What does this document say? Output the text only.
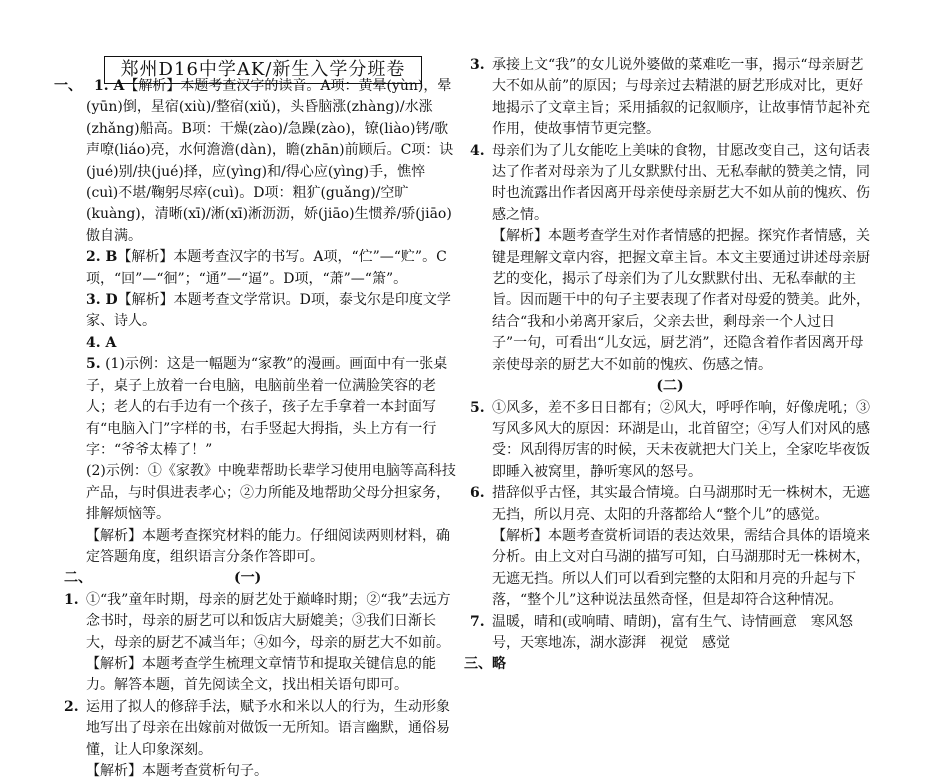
郑州D16中学AK/新生入学分班卷
一、 1. A【解析】本题考查汉字的读音。A项：黄晕(yùn)，晕(yūn)倒，星宿(xiù)/整宿(xiǔ)，头昏脑涨(zhàng)/水涨(zhǎng)船高。B项：干燥(zào)/急躁(zào)，镣(liào)铐/歌声嘹(liáo)亮，水何澹澹(dàn)，瞻(zhān)前顾后。C项：诀(jué)别/抉(jué)择，应(yìng)和/得心应(yìng)手，憔悴(cuì)不堪/鞠躬尽瘁(cuì)。D项：粗犷(guǎng)/空旷(kuàng)，清晰(xī)/淅(xī)淅沥沥，娇(jiāo)生惯养/骄(jiāo)傲自满。
2. B【解析】本题考查汉字的书写。A项，“伫”—“贮”。C项，“回”—“徊”；“通”—“逼”。D项，“萧”—“箫”。
3. D【解析】本题考查文学常识。D项，泰戈尔是印度文学家、诗人。
4. A
5. (1)示例：这是一幅题为“家教”的漫画。画面中有一张桌子，桌子上放着一台电脑，电脑前坐着一位满脸笑容的老人；老人的右手边有一个孩子，孩子左手拿着一本封面写有“电脑入门”字样的书，右手竖起大拇指，头上方有一行字：“爷爷太棒了！”
(2)示例：①《家教》中晚辈帮助长辈学习使用电脑等高科技产品，与时俱进表孝心；②力所能及地帮助父母分担家务，排解烦恼等。
【解析】本题考查探究材料的能力。仔细阅读两则材料，确定答题角度，组织语言分条作答即可。
二、	(一)
1. ①“我”童年时期，母亲的厨艺处于巅峰时期；②“我”去远方念书时，母亲的厨艺可以和饭店大厨媲美；③我们日渐长大，母亲的厨艺不减当年；④如今，母亲的厨艺大不如前。
【解析】本题考查学生梳理文章情节和提取关键信息的能力。解答本题，首先阅读全文，找出相关语句即可。
2. 运用了拟人的修辞手法，赋予水和米以人的行为，生动形象地写出了母亲在出嫁前对做饭一无所知。语言幽默，通俗易懂，让人印象深刻。
【解析】本题考查赏析句子。
3. 承接上文“我”的女儿说外婆做的菜难吃一事，揭示“母亲厨艺大不如从前”的原因；与母亲过去精湛的厨艺形成对比，更好地揭示了文章主旨；采用插叙的记叙顺序，让故事情节起补充作用，使故事情节更完整。
4. 母亲们为了儿女能吃上美味的食物，甘愿改变自己，这句话表达了作者对母亲为了儿女默默付出、无私奉献的赞美之情，同时也流露出作者因离开母亲使母亲厨艺大不如从前的愧疚、伤感之情。
【解析】本题考查学生对作者情感的把握。探究作者情感，关键是理解文章内容，把握文章主旨。本文主要通过讲述母亲厨艺的变化，揭示了母亲们为了儿女默默付出、无私奉献的主旨。因而题干中的句子主要表现了作者对母爱的赞美。此外，结合“我和小弟离开家后，父亲去世，剩母亲一个人过日子”一句，可看出“儿女远，厨艺消”，还隐含着作者因离开母亲使母亲的厨艺大不如前的愧疚、伤感之情。
(二)
5. ①风多，差不多日日都有；②风大，呼呼作响，好像虎吼；③写风多风大的原因：环湖是山，北首留空；④写人们对风的感受：风刮得厉害的时候，天未夜就把大门关上，全家吃毕夜饭即睡入被窝里，静听寒风的怒号。
6. 措辞似乎古怪，其实最合情境。白马湖那时无一株树木，无遮无挡，所以月亮、太阳的升落都给人“整个儿”的感觉。
【解析】本题考查赏析词语的表达效果，需结合具体的语境来分析。由上文对白马湖的描写可知，白马湖那时无一株树木，无遮无挡。所以人们可以看到完整的太阳和月亮的升起与下落，“整个儿”这种说法虽然奇怪，但是却符合这种情况。
7. 温暖，晴和(或响晴、晴朗)，富有生气、诗情画意　寒风怒号，天寒地冻，湖水澎湃　视觉　感觉
三、略
